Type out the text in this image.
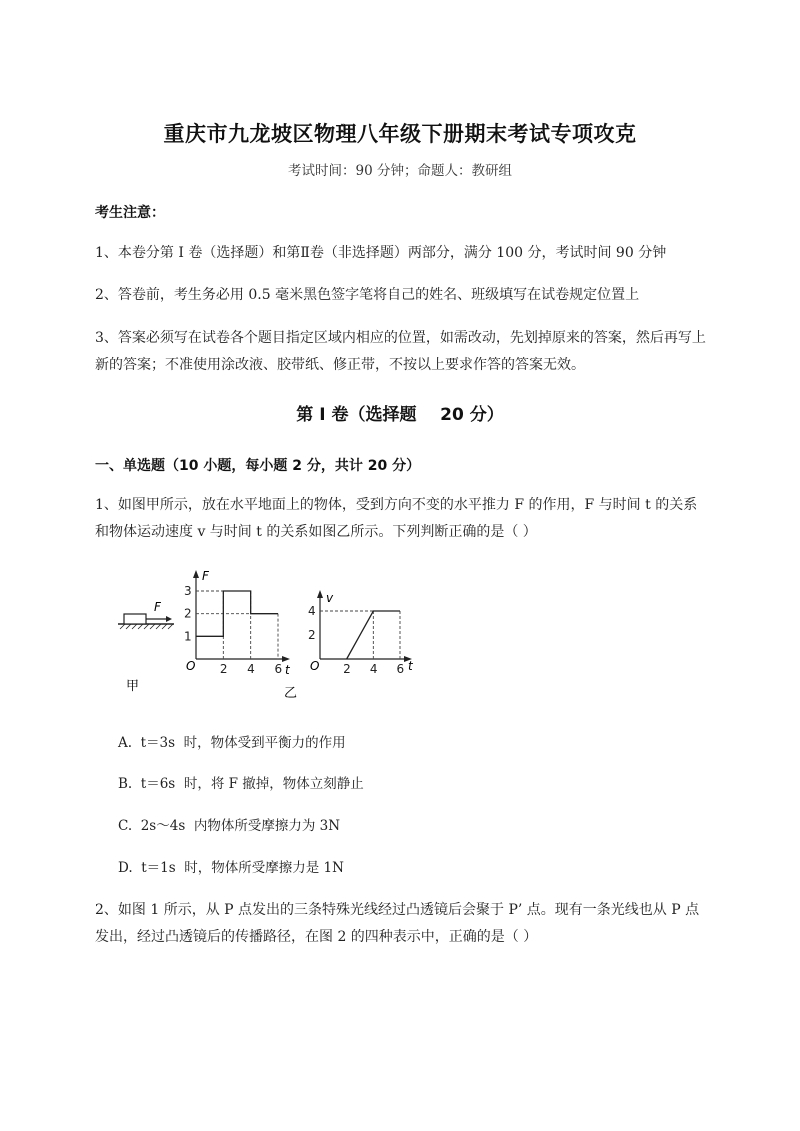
重庆市九龙坡区物理八年级下册期末考试专项攻克
考试时间：90 分钟；命题人：教研组
考生注意：
1、本卷分第 I 卷（选择题）和第Ⅱ卷（非选择题）两部分，满分 100 分，考试时间 90 分钟
2、答卷前，考生务必用 0.5 毫米黑色签字笔将自己的姓名、班级填写在试卷规定位置上
3、答案必须写在试卷各个题目指定区域内相应的位置，如需改动，先划掉原来的答案，然后再写上新的答案；不准使用涂改液、胶带纸、修正带，不按以上要求作答的答案无效。
第 I 卷（选择题    20 分）
一、单选题（10 小题，每小题 2 分，共计 20 分）
1、如图甲所示，放在水平地面上的物体，受到方向不变的水平推力 F 的作用，F 与时间 t 的关系和物体运动速度 v 与时间 t 的关系如图乙所示。下列判断正确的是（ ）
F
甲
F
t
O 2 4 6
1
2
3	v
t
O 2 4 6
2
4
乙
A.  t＝3s  时，物体受到平衡力的作用
B.  t＝6s  时，将 F 撤掉，物体立刻静止
C.  2s～4s  内物体所受摩擦力为 3N
D.  t＝1s  时，物体所受摩擦力是 1N
2、如图 1 所示，从 P 点发出的三条特殊光线经过凸透镜后会聚于 P’ 点。现有一条光线也从 P 点发出，经过凸透镜后的传播路径，在图 2 的四种表示中，正确的是（ ）
